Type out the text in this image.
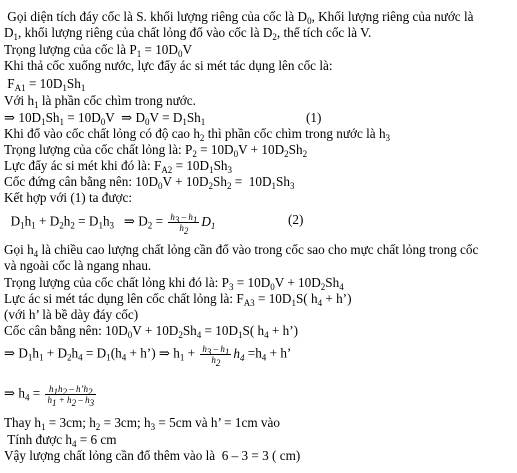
Gọi diện tích đáy cốc là S. khối lượng riêng của cốc là $D_0$, Khối lượng riêng của nước là
$D_1$, khối lượng riêng của chất lỏng đổ vào cốc là $D_2$, thể tích cốc là V.
Trọng lượng của cốc là $P_1 = 10D_0V$
Khi thả cốc xuống nước, lực đẩy ác si mét tác dụng lên cốc là:
$F_{A1} = 10D_1Sh_1$
Với $h_1$ là phần cốc chìm trong nước.
⇒ $10D_1Sh_1 = 10D_0V$  ⇒ $D_0V = D_1Sh_1$	(1)
Khi đổ vào cốc chất lỏng có độ cao $h_2$ thì phần cốc chìm trong nước là $h_3$
Trọng lượng của cốc chất lỏng là: $P_2 = 10D_0V + 10D_2Sh_2$
Lực đẩy ác si mét khi đó là: $F_{A2} = 10D_1Sh_3$
Cốc đứng cân bằng nên: $10D_0V + 10D_2Sh_2 = 10D_1Sh_3$
Kết hợp với (1) ta được:
$D_1h_1 + D_2h_2 = D_1h_3$   ⇒ $D_2 = \frac{h_3 - h_1}{h_2} D_1$	(2)
Gọi $h_4$ là chiều cao lượng chất lỏng cần đổ vào trong cốc sao cho mực chất lỏng trong cốc
và ngoài cốc là ngang nhau.
Trọng lượng của cốc chất lỏng khi đó là: $P_3 = 10D_0V + 10D_2Sh_4$
Lực ác si mét tác dụng lên cốc chất lỏng là: $F_{A3} = 10D_1S$( $h_4$ + h’)
(với h’ là bề dày đáy cốc)
Cốc cân bằng nên: $10D_0V + 10D_2Sh_4 = 10D_1S$( $h_4$ + h’)
⇒ $D_1h_1 + D_2h_4 = D_1(h_4$ + h’) ⇒ $h_1 + \frac{h_3 - h_1}{h_2} h_4 =h_4 + h$’
⇒ $h_4 = \frac{h_1h_2 - h’h_2}{h_1 + h_2 - h_3}$
Thay $h_1 = 3cm$; $h_2 = 3cm$; $h_3 = 5cm$ và h’ = 1cm vào
Tính được $h_4 = 6$ cm
Vậy lượng chất lỏng cần đổ thêm vào là  6 – 3 = 3 ( cm)
